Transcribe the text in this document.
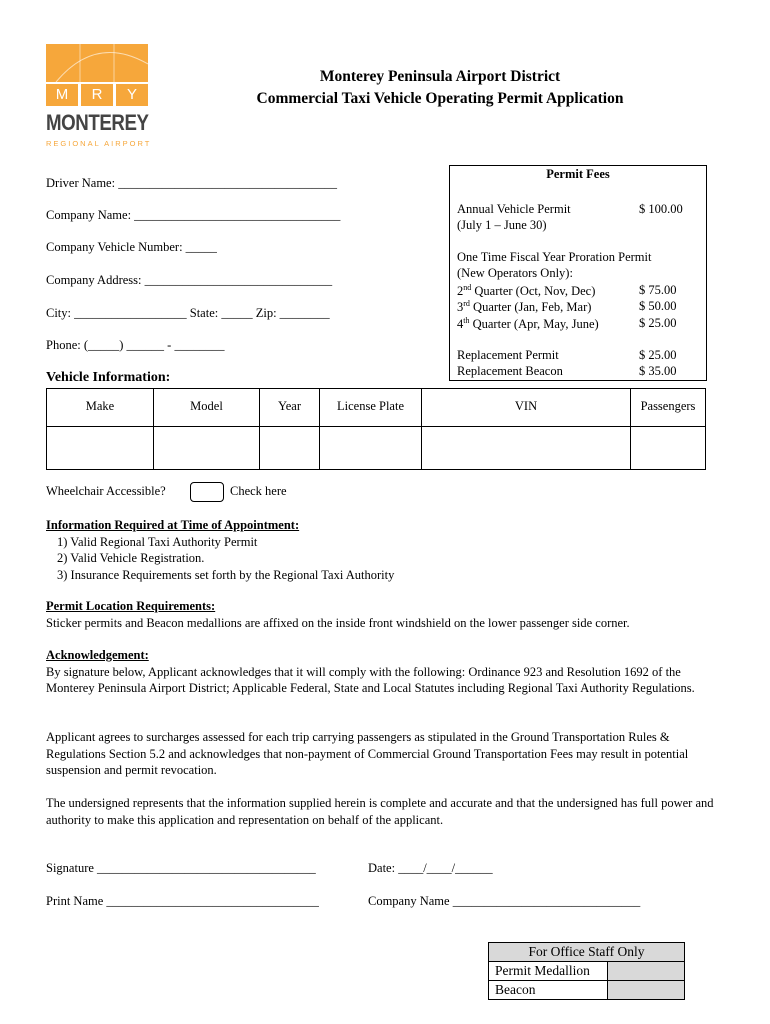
M	R	Y
MONTEREY
REGIONAL AIRPORT
Monterey Peninsula Airport District
Commercial Taxi Vehicle Operating Permit Application
Driver Name: ___________________________________
Company Name: _________________________________
Company Vehicle Number: _____
Company Address: ______________________________
City: __________________ State: _____ Zip: ________
Phone: (_____) ______ - ________
Permit Fees
Annual Vehicle Permit	$ 100.00
(July 1 – June 30)
One Time Fiscal Year Proration Permit
(New Operators Only):
2nd Quarter (Oct, Nov, Dec)	$ 75.00
3rd Quarter (Jan, Feb, Mar)	$ 50.00
4th Quarter (Apr, May, June)	$ 25.00
Replacement Permit	$ 25.00
Replacement Beacon	$ 35.00
Vehicle Information:
Make	Model	Year	License Plate	VIN	Passengers

Wheelchair Accessible?	Check here
Information Required at Time of Appointment:
1) Valid Regional Taxi Authority Permit
2) Valid Vehicle Registration.
3) Insurance Requirements set forth by the Regional Taxi Authority
Permit Location Requirements:
Sticker permits and Beacon medallions are affixed on the inside front windshield on the lower passenger side corner.
Acknowledgement:
By signature below, Applicant acknowledges that it will comply with the following: Ordinance 923 and Resolution 1692 of the Monterey Peninsula Airport District; Applicable Federal, State and Local Statutes including Regional Taxi Authority Regulations.
Applicant agrees to surcharges assessed for each trip carrying passengers as stipulated in the Ground Transportation Rules & Regulations Section 5.2 and acknowledges that non-payment of Commercial Ground Transportation Fees may result in potential suspension and permit revocation.
The undersigned represents that the information supplied herein is complete and accurate and that the undersigned has full power and authority to make this application and representation on behalf of the applicant.
Signature ___________________________________	Date: ____/____/______
Print Name __________________________________	Company Name ______________________________
For Office Staff Only	
Permit Medallion	
Beacon	
